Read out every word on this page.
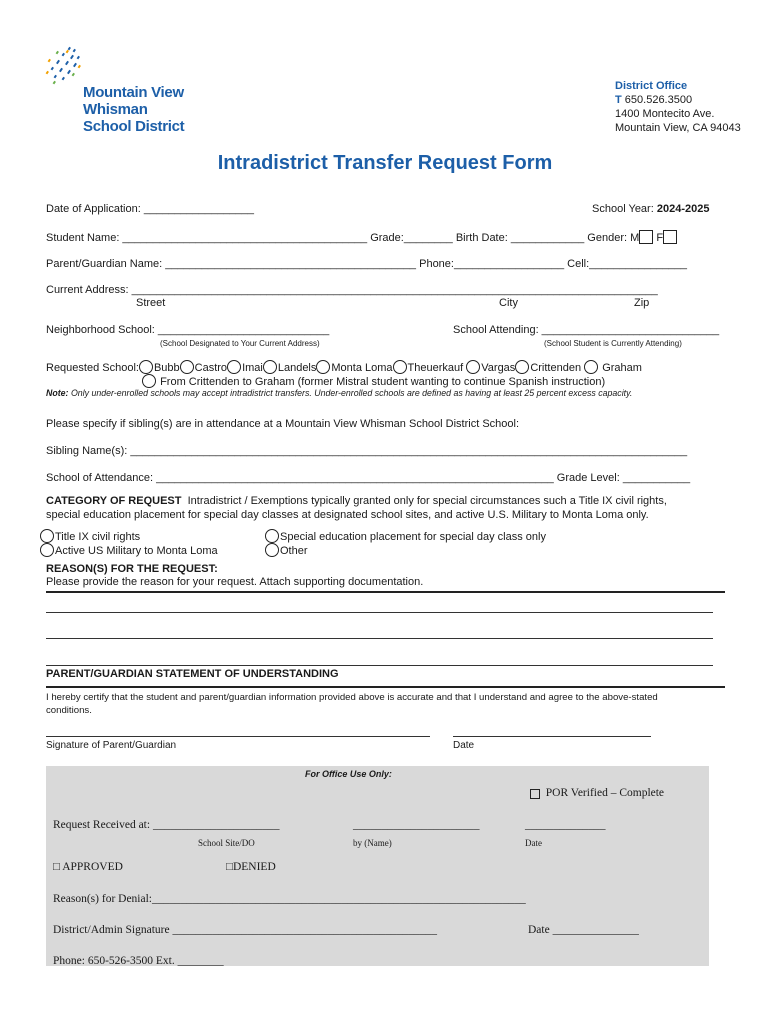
Mountain View
Whisman
School District
District Office
T 650.526.3500
1400 Montecito Ave.
Mountain View, CA 94043
Intradistrict Transfer Request Form
Date of Application: __________________	School Year: 2024-2025
Student Name: ________________________________________ Grade:________ Birth Date: ____________ Gender: M F
Parent/Guardian Name: _________________________________________ Phone:__________________ Cell:________________
Current Address: ______________________________________________________________________________________
Street	City	Zip
Neighborhood School: ____________________________
(School Designated to Your Current Address)
School Attending: _____________________________
(School Student is Currently Attending)
Requested School: Bubb Castro Imai Landels Monta Loma Theuerkauf Vargas Crittenden Graham
From Crittenden to Graham (former Mistral student wanting to continue Spanish instruction)
Note: Only under-enrolled schools may accept intradistrict transfers. Under-enrolled schools are defined as having at least 25 percent excess capacity.
Please specify if sibling(s) are in attendance at a Mountain View Whisman School District School:
Sibling Name(s): ___________________________________________________________________________________________
School of Attendance: _________________________________________________________________ Grade Level: ___________
CATEGORY OF REQUEST Intradistrict / Exemptions typically granted only for special circumstances such a Title IX civil rights,
special education placement for special day classes at designated school sites, and active U.S. Military to Monta Loma only.
Title IX civil rights	Special education placement for special day class only
Active US Military to Monta Loma	Other
REASON(S) FOR THE REQUEST:
Please provide the reason for your request. Attach supporting documentation.
PARENT/GUARDIAN STATEMENT OF UNDERSTANDING
I hereby certify that the student and parent/guardian information provided above is accurate and that I understand and agree to the above-stated
conditions.
Signature of Parent/Guardian	Date
For Office Use Only:
POR Verified – Complete
Request Received at: ______________________	______________________	______________
School Site/DO	by (Name)	Date
□ APPROVED	□DENIED
Reason(s) for Denial:_________________________________________________________________
District/Admin Signature ______________________________________________	Date _______________
Phone: 650-526-3500 Ext. ________
